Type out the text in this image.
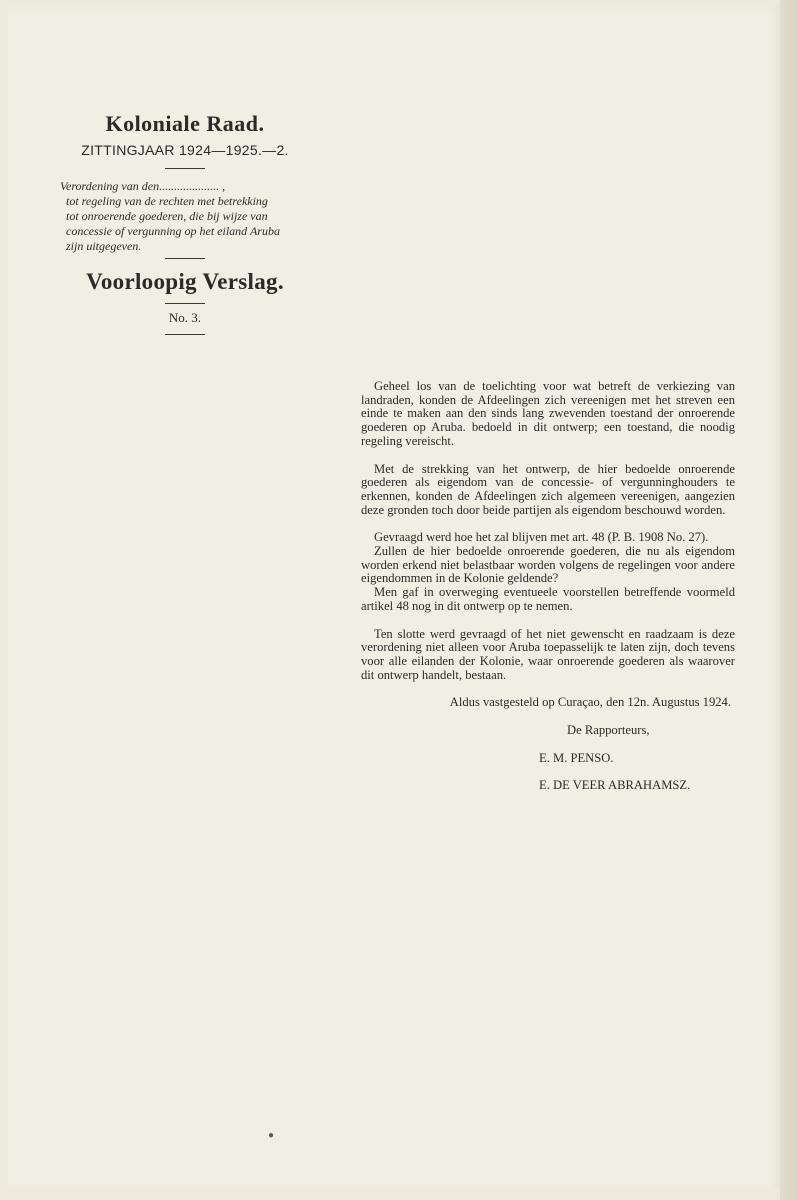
Koloniale Raad.
ZITTINGJAAR 1924—1925.—2.

Verordening van den.................... ,

tot regeling van de rechten met betrekking

tot onroerende goederen, die bij wijze van

concessie of vergunning op het eiland Aruba

zijn uitgegeven.

Voorloopig Verslag.

No. 3.

Geheel los van de toelichting voor wat betreft de verkiezing van landraden, konden de Afdeelingen zich vereenigen met het streven een einde te maken aan den sinds lang zwevenden toestand der onroerende goederen op Aruba. bedoeld in dit ontwerp; een toestand, die noodig regeling vereischt.

Met de strekking van het ontwerp, de hier bedoelde onroerende goederen als eigendom van de concessie- of vergunninghouders te erkennen, konden de Afdeelingen zich algemeen vereenigen, aangezien deze gronden toch door beide partijen als eigendom beschouwd worden.

Gevraagd werd hoe het zal blijven met art. 48 (P. B. 1908 No. 27).

Zullen de hier bedoelde onroerende goederen, die nu als eigendom worden erkend niet belastbaar worden volgens de regelingen voor andere eigendommen in de Kolonie geldende?

Men gaf in overweging eventueele voorstellen betreffende voormeld artikel 48 nog in dit ontwerp op te nemen.

Ten slotte werd gevraagd of het niet gewenscht en raadzaam is deze verordening niet alleen voor Aruba toepasselijk te laten zijn, doch tevens voor alle eilanden der Kolonie, waar onroerende goederen als waarover dit ontwerp handelt, bestaan.

Aldus vastgesteld op Curaçao, den 12n. Augustus 1924.

De Rapporteurs,

E. M. PENSO.

E. DE VEER ABRAHAMSZ.

●
